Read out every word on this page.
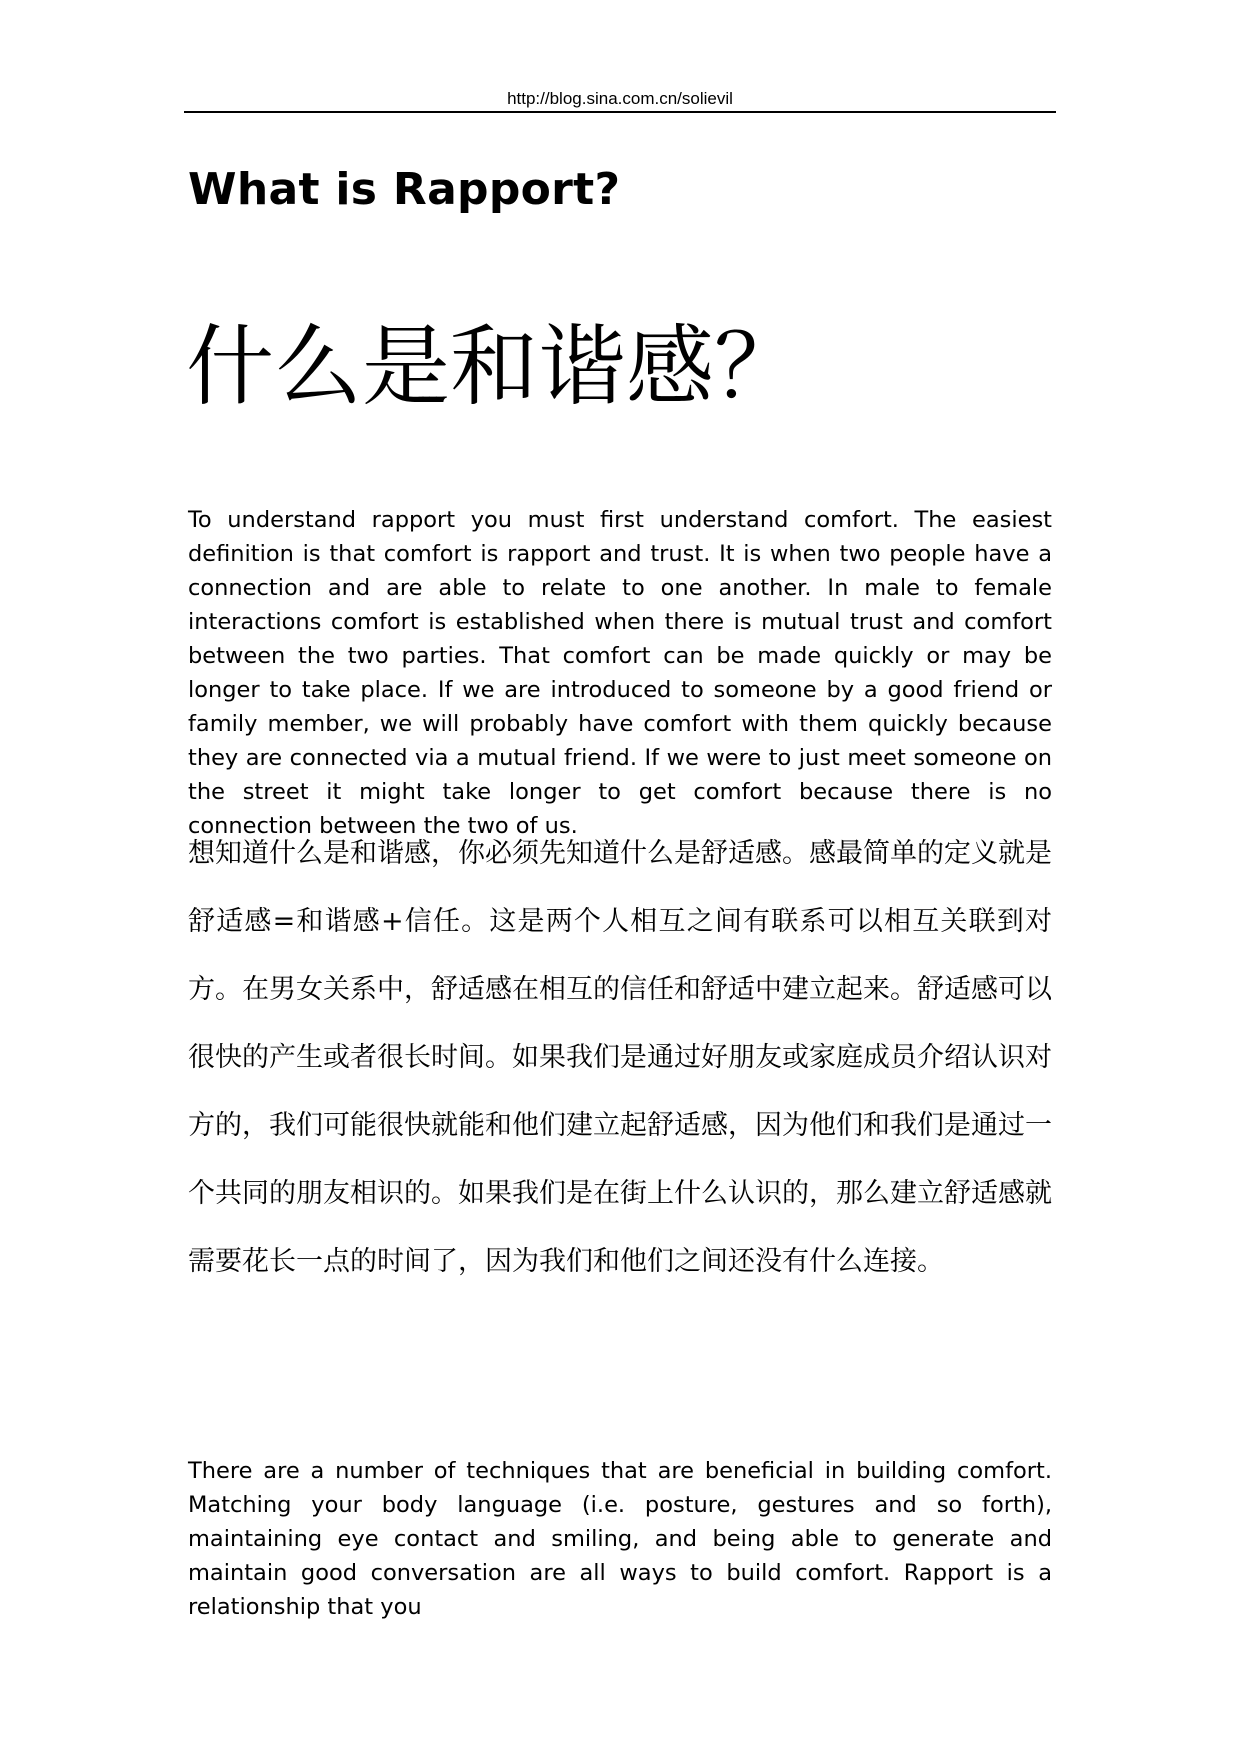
http://blog.sina.com.cn/solievil
What is Rapport?
什么是和谐感？

To understand rapport you must first understand comfort. The easiest definition is that comfort is rapport and trust. It is when two people have a connection and are able to relate to one another. In male to female interactions comfort is established when there is mutual trust and comfort between the two parties. That comfort can be made quickly or may be longer to take place. If we are introduced to someone by a good friend or family member, we will probably have comfort with them quickly because they are connected via a mutual friend. If we were to just meet someone on the street it might take longer to get comfort because there is no connection between the two of us.

想知道什么是和谐感，你必须先知道什么是舒适感。感最简单的定义就是舒适感=和谐感+信任。这是两个人相互之间有联系可以相互关联到对方。在男女关系中，舒适感在相互的信任和舒适中建立起来。舒适感可以很快的产生或者很长时间。如果我们是通过好朋友或家庭成员介绍认识对方的，我们可能很快就能和他们建立起舒适感，因为他们和我们是通过一个共同的朋友相识的。如果我们是在街上什么认识的，那么建立舒适感就需要花长一点的时间了，因为我们和他们之间还没有什么连接。

There are a number of techniques that are beneficial in building comfort. Matching your body language (i.e. posture, gestures and so forth), maintaining eye contact and smiling, and being able to generate and maintain good conversation are all ways to build comfort. Rapport is a relationship that you
